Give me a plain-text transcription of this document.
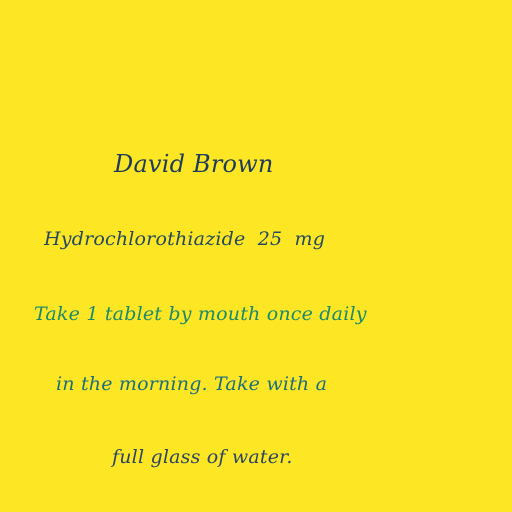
David Brown
Hydrochlorothiazide 25 mg
Take 1 tablet by mouth once daily
in the morning. Take with a
full glass of water.
